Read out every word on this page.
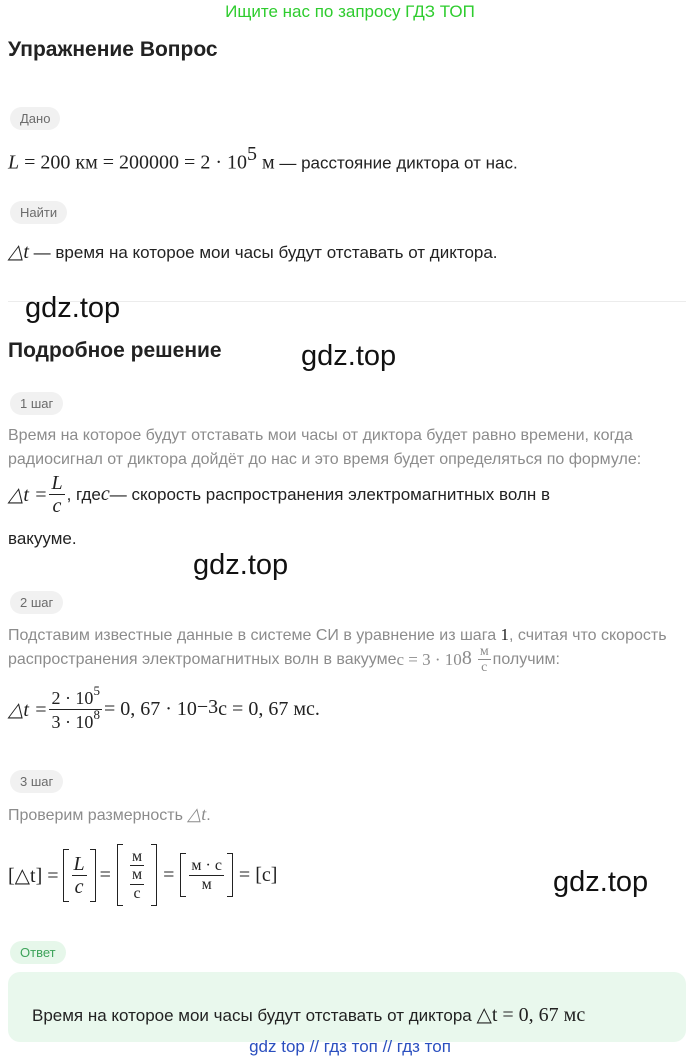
Ищите нас по запросу ГДЗ ТОП
Упражнение Вопрос
Дано
L = 200 км = $200000 = 2 \cdot 10^5$ м — расстояние диктора от нас.
Найти
△t — время на которое мои часы будут отставать от диктора.
gdz.top
Подробное решение	gdz.top
1 шаг
Время на которое будут отставать мои часы от диктора будет равно времени, когда радиосигнал от диктора дойдёт до нас и это время будет определяться по формуле:
△t = $\frac{L}{c}$ , где c — скорость распространения электромагнитных волн в
вакууме.
gdz.top
2 шаг
Подставим известные данные в системе СИ в уравнение из шага 1, считая что скорость
распространения электромагнитных волн в вакууме $c = 3 \cdot 10^8 \frac{м}{с}$ получим:
△t = $\frac{2 \cdot 10^5}{3 \cdot 10^8} = 0$, $67 \cdot 10^{-3}$ с = 0, 67 мс.
3 шаг
Проверим размерность △t.
[△t] = $\frac{L}{c} = \frac{м}{\frac{м}{с}} = \frac{м \cdot с}{м} = [с]$	gdz.top
Ответ
Время на которое мои часы будут отставать от диктора △t = 0, 67 мс
gdz top // гдз топ // гдз топ
